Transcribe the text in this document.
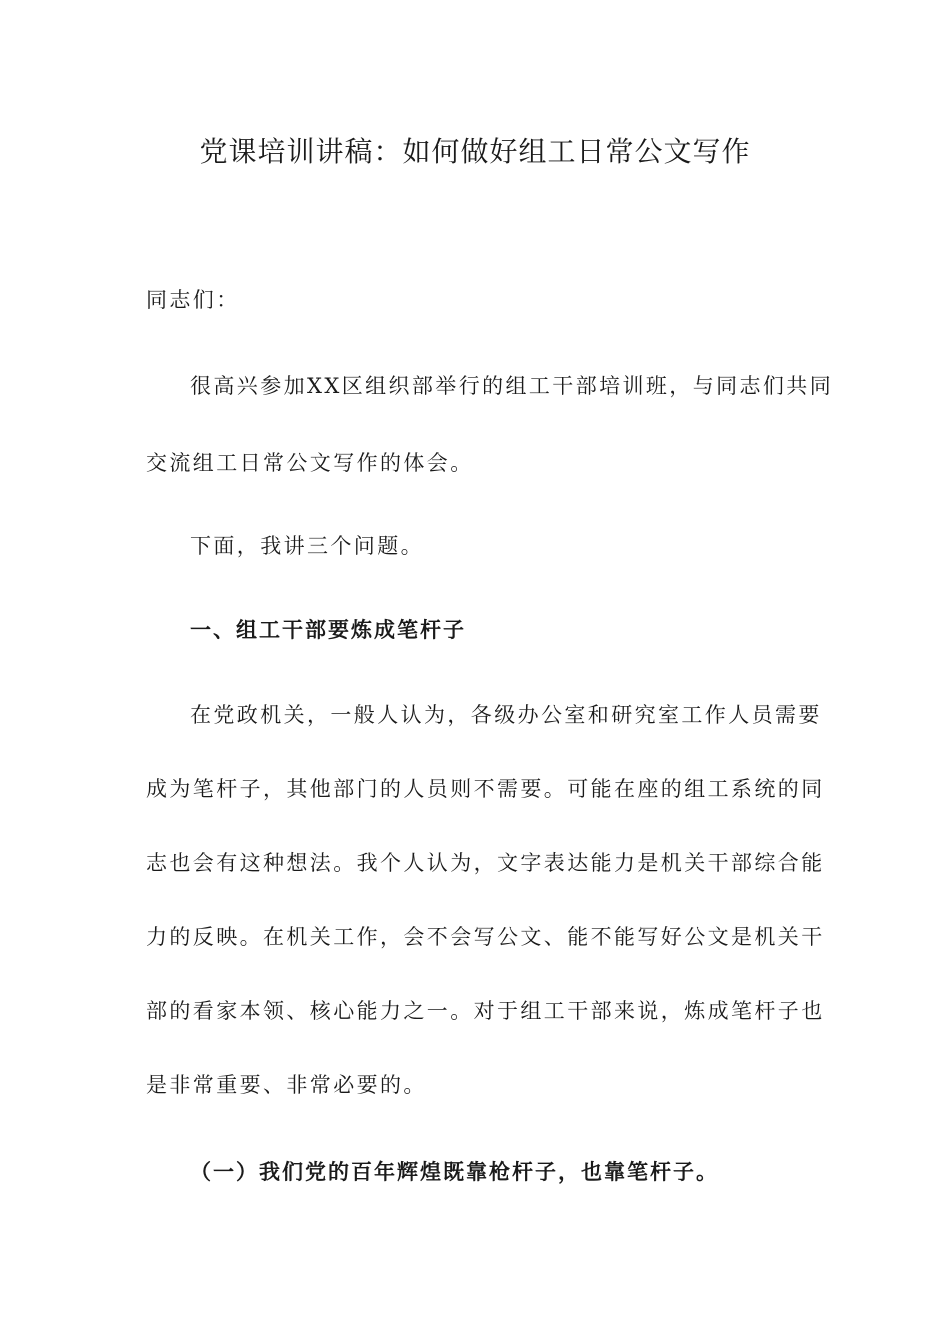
党课培训讲稿：如何做好组工日常公文写作
同志们：
很高兴参加XX区组织部举行的组工干部培训班，与同志们共同
交流组工日常公文写作的体会。
下面，我讲三个问题。
一、组工干部要炼成笔杆子
在党政机关，一般人认为，各级办公室和研究室工作人员需要
成为笔杆子，其他部门的人员则不需要。可能在座的组工系统的同
志也会有这种想法。我个人认为，文字表达能力是机关干部综合能
力的反映。在机关工作，会不会写公文、能不能写好公文是机关干
部的看家本领、核心能力之一。对于组工干部来说，炼成笔杆子也
是非常重要、非常必要的。
（一）我们党的百年辉煌既靠枪杆子，也靠笔杆子。
